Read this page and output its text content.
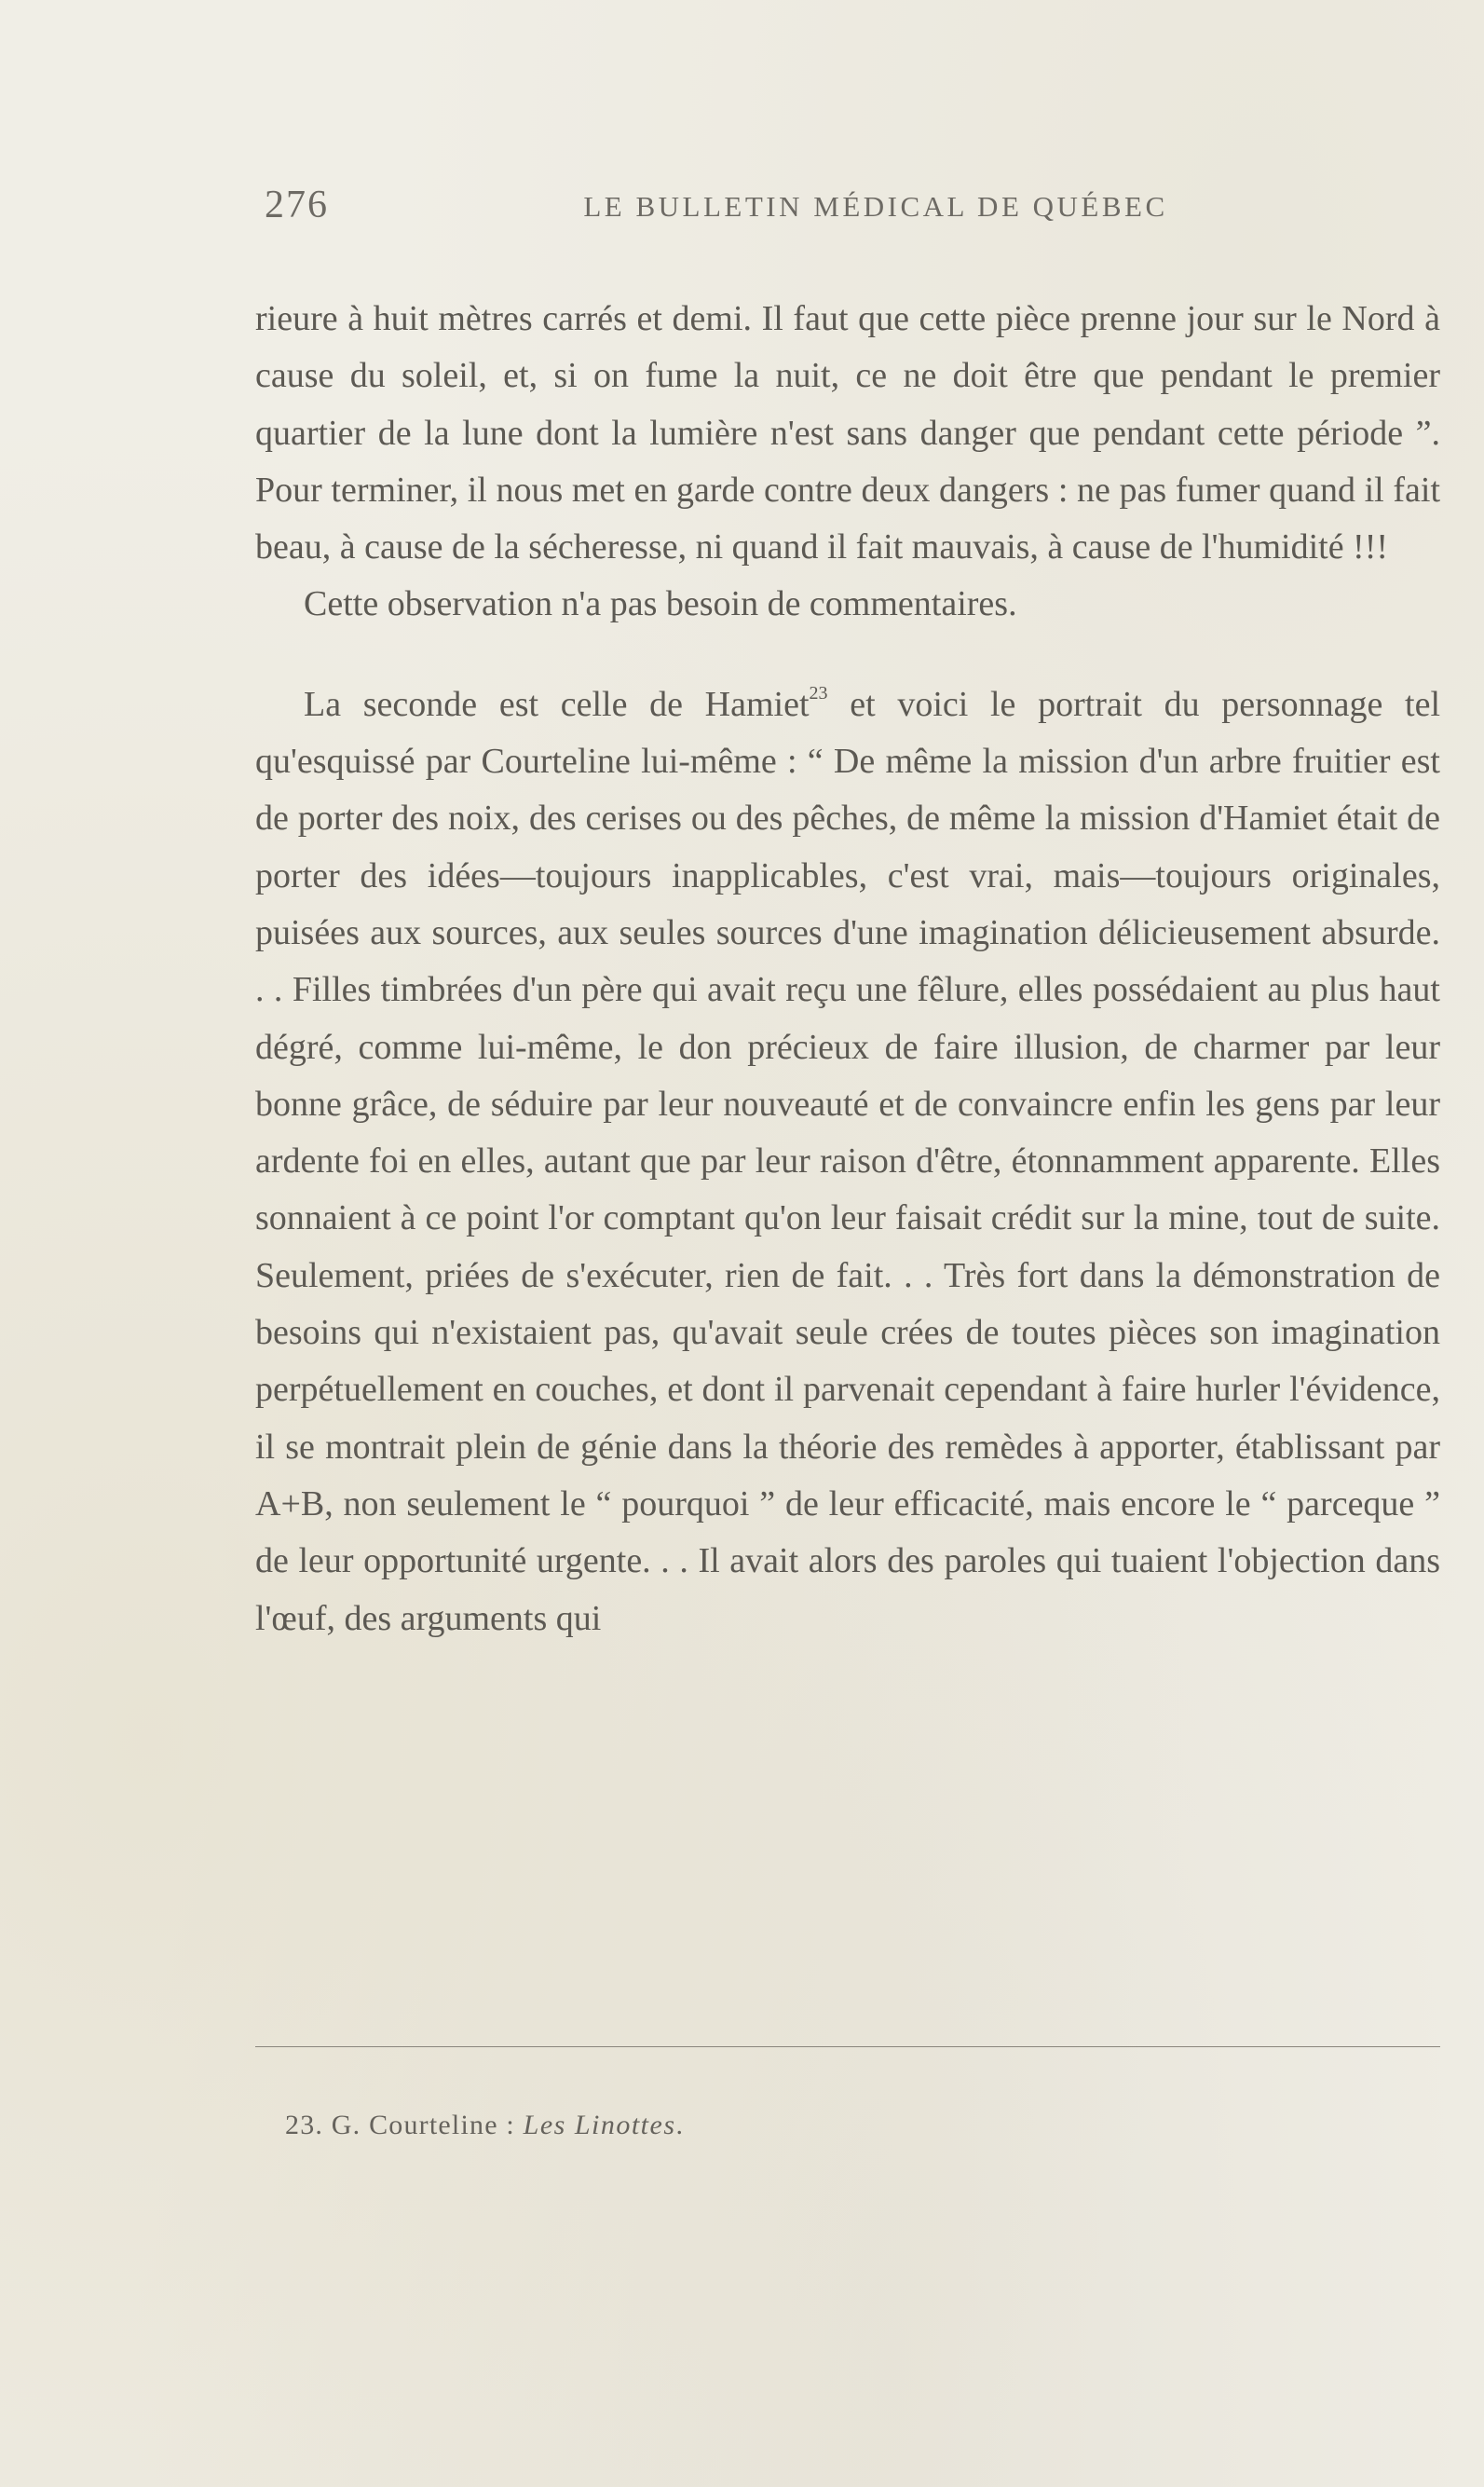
276	LE BULLETIN MÉDICAL DE QUÉBEC

rieure à huit mètres carrés et demi. Il faut que cette pièce prenne jour sur le Nord à cause du soleil, et, si on fume la nuit, ce ne doit être que pendant le premier quartier de la lune dont la lumière n'est sans danger que pendant cette période ”. Pour terminer, il nous met en garde contre deux dangers : ne pas fumer quand il fait beau, à cause de la sécheresse, ni quand il fait mauvais, à cause de l'humidité !!!

Cette observation n'a pas besoin de commentaires.

La seconde est celle de Hamiet$^{23}$ et voici le portrait du personnage tel qu'esquissé par Courteline lui-même : “ De même la mission d'un arbre fruitier est de porter des noix, des cerises ou des pêches, de même la mission d'Hamiet était de porter des idées—toujours inapplicables, c'est vrai, mais—toujours originales, puisées aux sources, aux seules sources d'une imagination délicieusement absurde. . . Filles timbrées d'un père qui avait reçu une fêlure, elles possédaient au plus haut dégré, comme lui-même, le don précieux de faire illusion, de charmer par leur bonne grâce, de séduire par leur nouveauté et de convaincre enfin les gens par leur ardente foi en elles, autant que par leur raison d'être, étonnamment apparente. Elles sonnaient à ce point l'or comptant qu'on leur faisait crédit sur la mine, tout de suite. Seulement, priées de s'exécuter, rien de fait. . . Très fort dans la démonstration de besoins qui n'existaient pas, qu'avait seule crées de toutes pièces son imagination perpétuellement en couches, et dont il parvenait cependant à faire hurler l'évidence, il se montrait plein de génie dans la théorie des remèdes à apporter, établissant par A+B, non seulement le “ pourquoi ” de leur efficacité, mais encore le “ parceque ” de leur opportunité urgente. . . Il avait alors des paroles qui tuaient l'objection dans l'œuf, des arguments qui

23. G. Courteline : Les Linottes.
